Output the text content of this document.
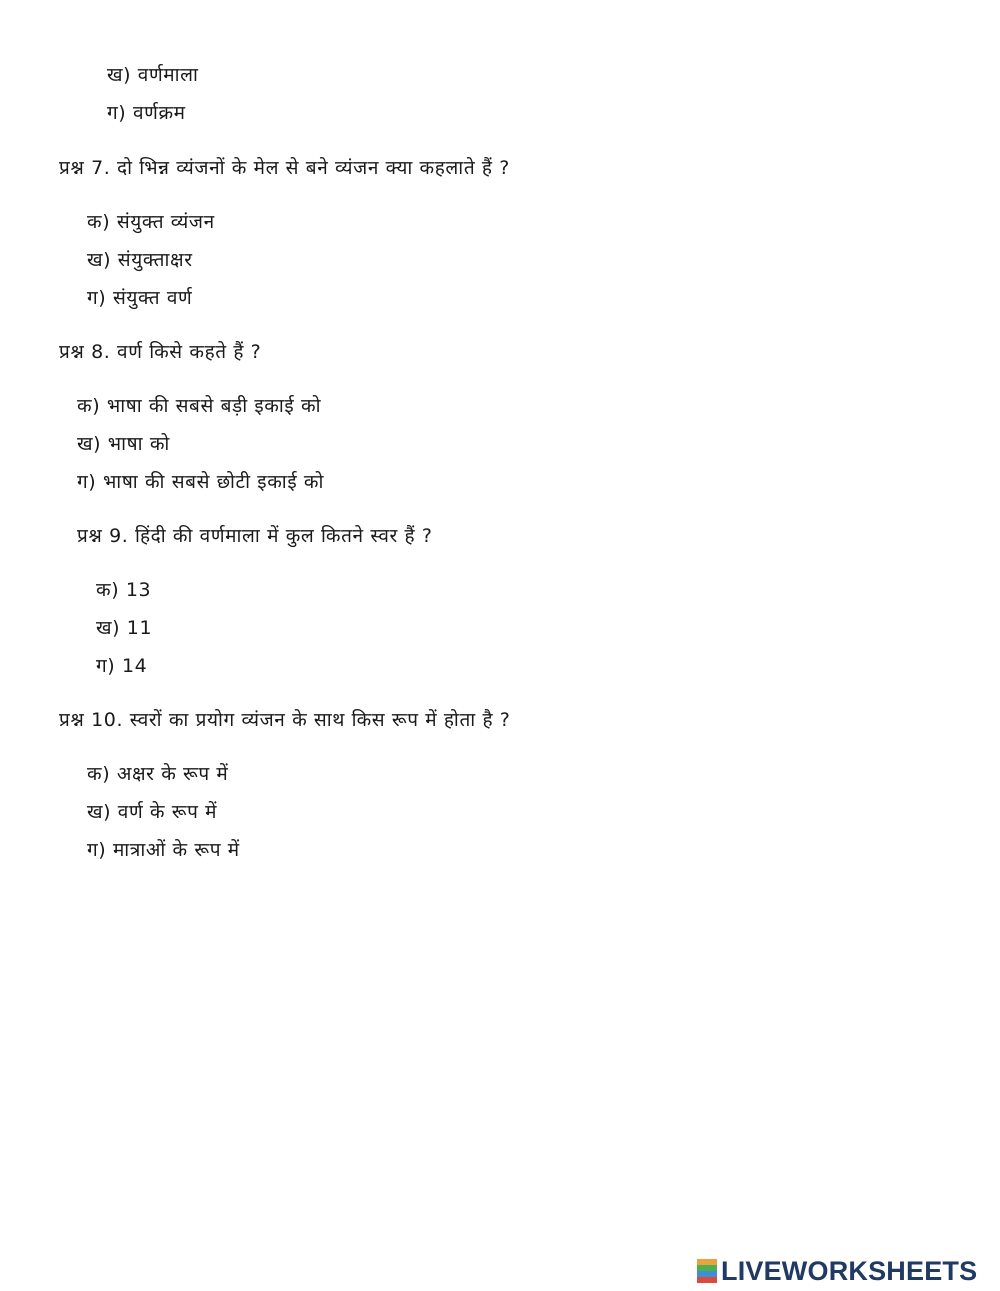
ख) वर्णमाला
ग) वर्णक्रम
प्रश्न 7. दो भिन्न व्यंजनों के मेल से बने व्यंजन क्या कहलाते हैं ?
क) संयुक्त व्यंजन
ख) संयुक्ताक्षर
ग) संयुक्त वर्ण
प्रश्न 8. वर्ण किसे कहते हैं ?
क) भाषा की सबसे बड़ी इकाई को
ख) भाषा को
ग) भाषा की सबसे छोटी इकाई को
प्रश्न 9. हिंदी की वर्णमाला में कुल कितने स्वर हैं ?
क) 13
ख) 11
ग) 14
प्रश्न 10. स्वरों का प्रयोग व्यंजन के साथ किस रूप में होता है ?
क) अक्षर के रूप में
ख) वर्ण के रूप में
ग) मात्राओं के रूप में
LIVEWORKSHEETS
